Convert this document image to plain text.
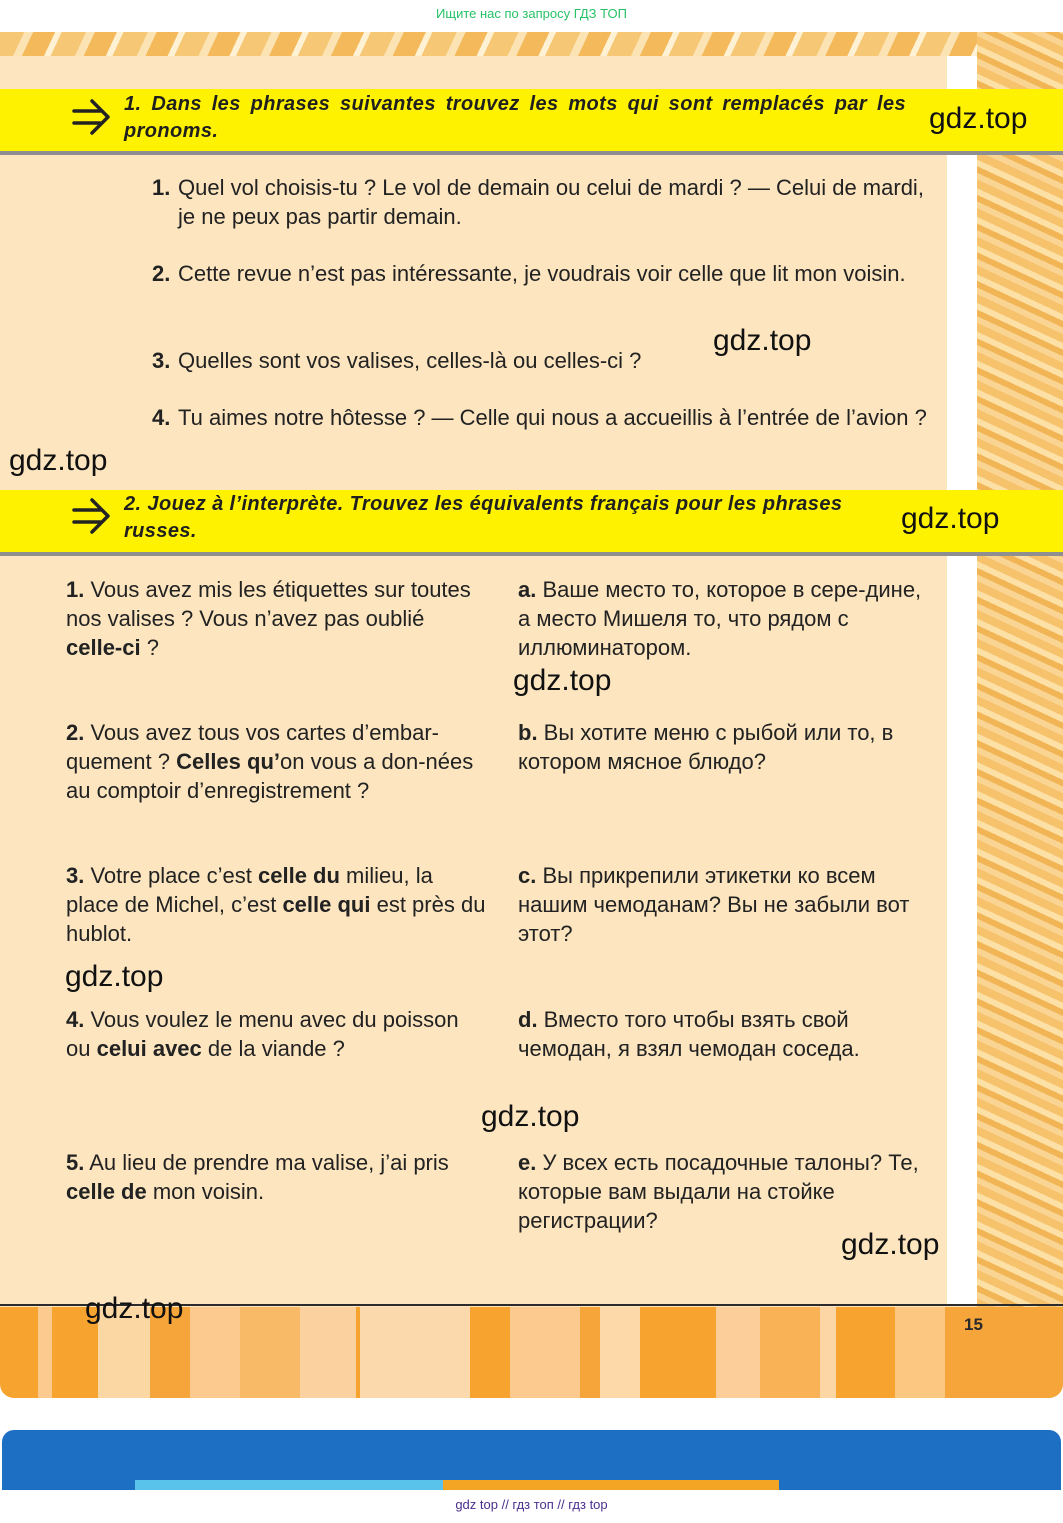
Ищите нас по запросу ГДЗ ТОП
1. Dans les phrases suivantes trouvez les mots qui sont remplacés par les pronoms.	gdz.top
1. Quel vol choisis-tu ? Le vol de demain ou celui de mardi ? — Celui de mardi, je ne peux pas partir demain.
2. Cette revue n’est pas intéressante, je voudrais voir celle que lit mon voisin.
3. Quelles sont vos valises, celles-là ou celles-ci ?
4. Tu aimes notre hôtesse ? — Celle qui nous a accueillis à l’entrée de l’avion ?
gdz.top
gdz.top
2. Jouez à l’interprète. Trouvez les équivalents français pour les phrases russes.	gdz.top
1. Vous avez mis les étiquettes sur toutes nos valises ? Vous n’avez pas oublié celle-ci ?
2. Vous avez tous vos cartes d’embar-quement ? Celles qu’on vous a don-nées au comptoir d’enregistrement ?
3. Votre place c’est celle du milieu, la place de Michel, c’est celle qui est près du hublot.
4. Vous voulez le menu avec du poisson ou celui avec de la viande ?
5. Au lieu de prendre ma valise, j’ai pris celle de mon voisin.
a. Ваше место то, которое в сере-дине, а место Мишеля то, что рядом с иллюминатором.
b. Вы хотите меню с рыбой или то, в котором мясное блюдо?
c. Вы прикрепили этикетки ко всем нашим чемоданам? Вы не забыли вот этот?
d. Вместо того чтобы взять свой чемодан, я взял чемодан соседа.
e. У всех есть посадочные талоны? Те, которые вам выдали на стойке регистрации?
gdz.top
gdz.top
gdz.top
gdz.top
gdz.top	15
gdz top // гдз топ // гдз top
